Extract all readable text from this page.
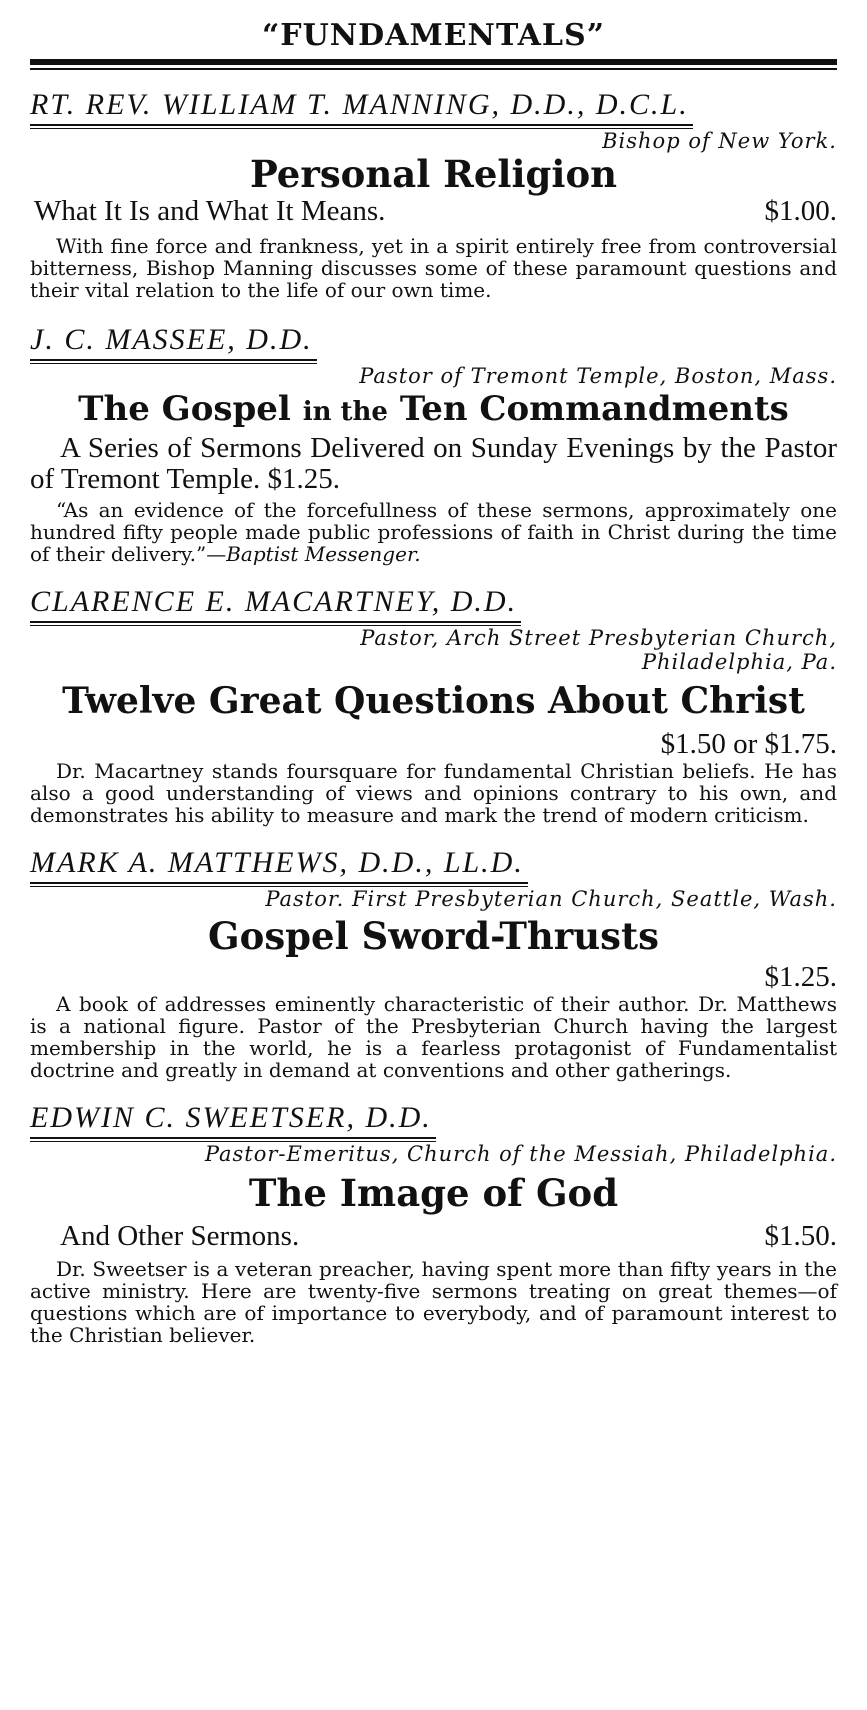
“FUNDAMENTALS”
RT. REV. WILLIAM T. MANNING, D.D., D.C.L.
Bishop of New York.
Personal Religion
What It Is and What It Means.	$1.00.
With fine force and frankness, yet in a spirit entirely free from controversial bitterness, Bishop Manning discusses some of these paramount questions and their vital relation to the life of our own time.
J. C. MASSEE, D.D.
Pastor of Tremont Temple, Boston, Mass.
The Gospel in the Ten Commandments
A Series of Sermons Delivered on Sunday Evenings by the Pastor of Tremont Temple. $1.25.
“As an evidence of the forcefullness of these sermons, approximately one hundred fifty people made public professions of faith in Christ during the time of their delivery.”—Baptist Messenger.
CLARENCE E. MACARTNEY, D.D.
Pastor, Arch Street Presbyterian Church,
Philadelphia, Pa.
Twelve Great Questions About Christ
$1.50 or $1.75.
Dr. Macartney stands foursquare for fundamental Christian beliefs. He has also a good understanding of views and opinions contrary to his own, and demonstrates his ability to measure and mark the trend of modern criticism.
MARK A. MATTHEWS, D.D., LL.D.
Pastor. First Presbyterian Church, Seattle, Wash.
Gospel Sword-Thrusts
$1.25.
A book of addresses eminently characteristic of their author. Dr. Matthews is a national figure. Pastor of the Presbyterian Church having the largest membership in the world, he is a fearless protagonist of Fundamentalist doctrine and greatly in demand at conventions and other gatherings.
EDWIN C. SWEETSER, D.D.
Pastor-Emeritus, Church of the Messiah, Philadelphia.
The Image of God
And Other Sermons.	$1.50.
Dr. Sweetser is a veteran preacher, having spent more than fifty years in the active ministry. Here are twenty-five sermons treating on great themes—of questions which are of importance to everybody, and of paramount interest to the Christian believer.
